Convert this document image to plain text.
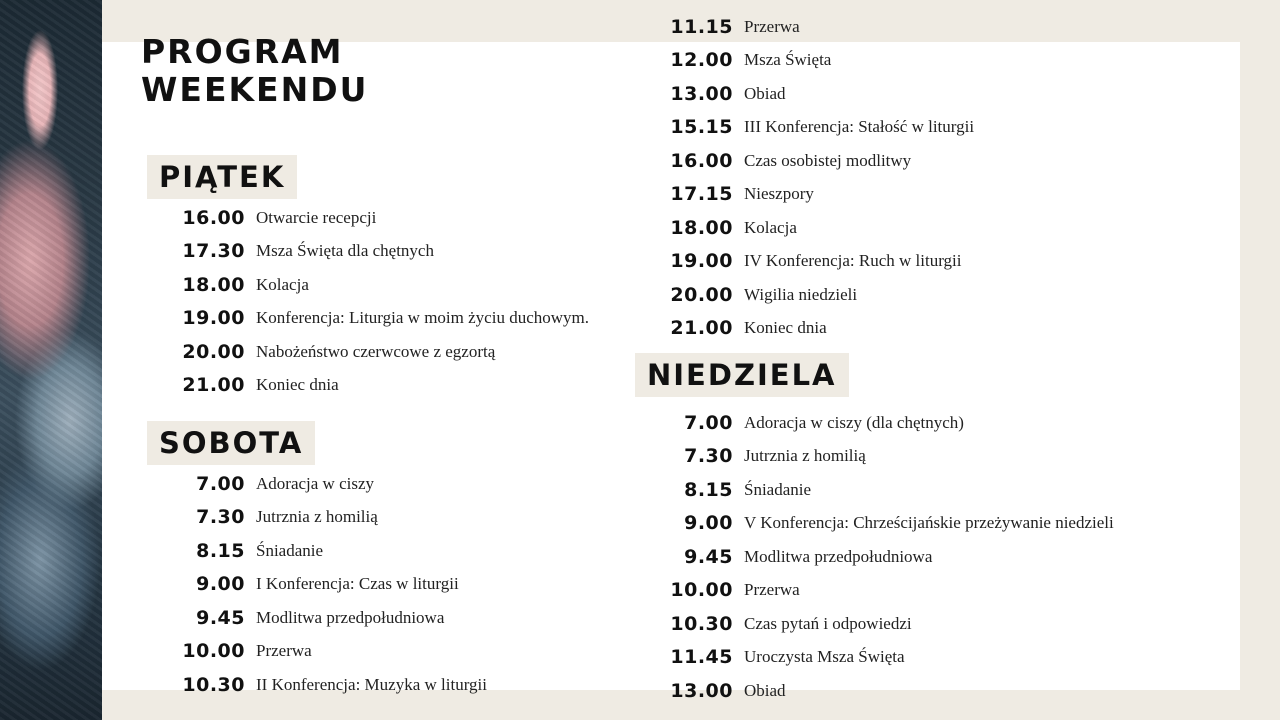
PROGRAM
WEEKENDU
PIĄTEK
16.00 Otwarcie recepcji
17.30 Msza Święta dla chętnych
18.00 Kolacja
19.00 Konferencja: Liturgia w moim życiu duchowym.
20.00 Nabożeństwo czerwcowe z egzortą
21.00 Koniec dnia
SOBOTA
7.00 Adoracja w ciszy
7.30 Jutrznia z homilią
8.15 Śniadanie
9.00 I Konferencja: Czas w liturgii
9.45 Modlitwa przedpołudniowa
10.00 Przerwa
10.30 II Konferencja: Muzyka w liturgii
11.15 Przerwa
12.00 Msza Święta
13.00 Obiad
15.15 III Konferencja: Stałość w liturgii
16.00 Czas osobistej modlitwy
17.15 Nieszpory
18.00 Kolacja
19.00 IV Konferencja: Ruch w liturgii
20.00 Wigilia niedzieli
21.00 Koniec dnia
NIEDZIELA
7.00 Adoracja w ciszy (dla chętnych)
7.30 Jutrznia z homilią
8.15 Śniadanie
9.00 V Konferencja: Chrześcijańskie przeżywanie niedzieli
9.45 Modlitwa przedpołudniowa
10.00 Przerwa
10.30 Czas pytań i odpowiedzi
11.45 Uroczysta Msza Święta
13.00 Obiad
